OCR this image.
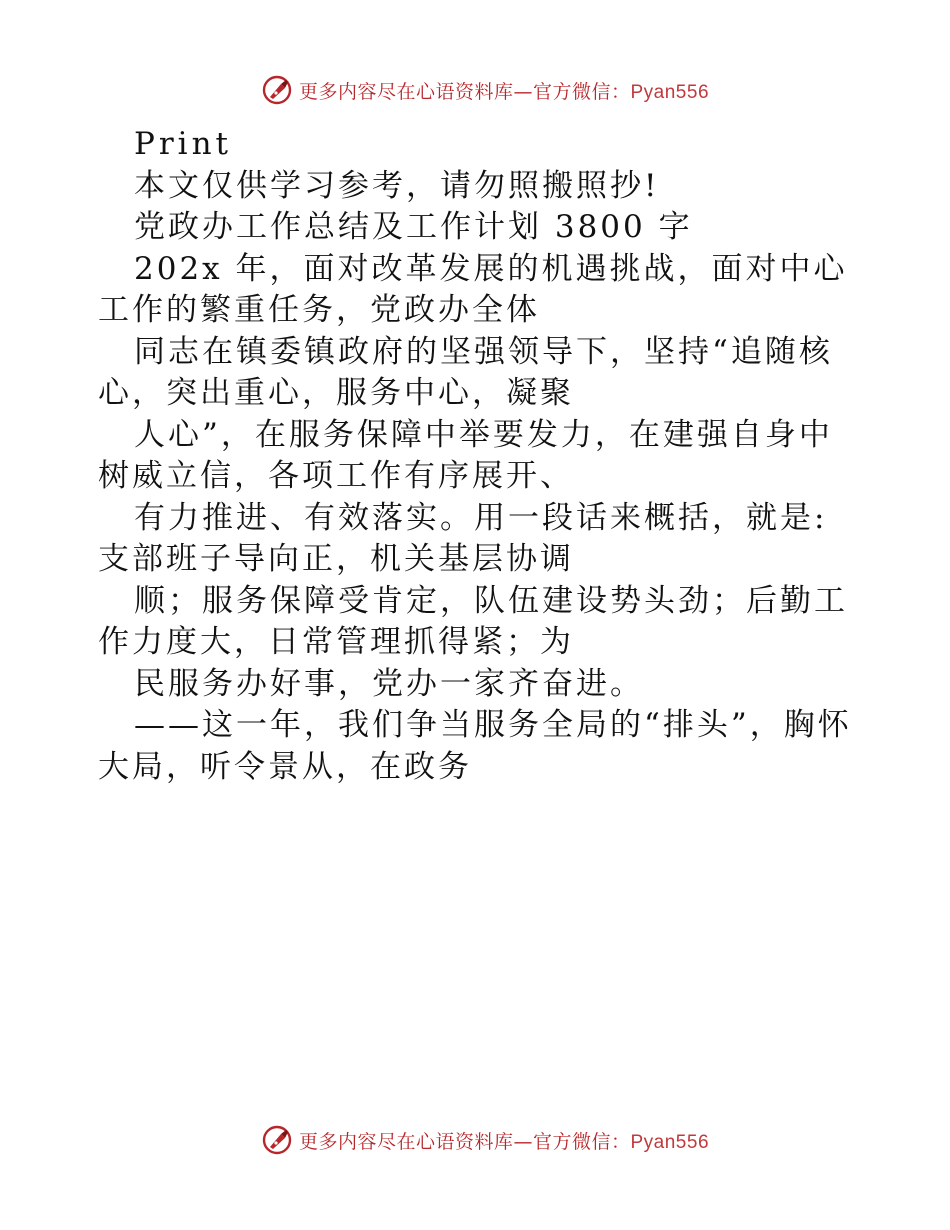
更多内容尽在心语资料库—官方微信：Pyan556

Print

本文仅供学习参考，请勿照搬照抄!

党政办工作总结及工作计划 3800 字

202x 年，面对改革发展的机遇挑战，面对中心工作的繁重任务，党政办全体

同志在镇委镇政府的坚强领导下，坚持“追随核心，突出重心，服务中心，凝聚

人心”，在服务保障中举要发力，在建强自身中树威立信，各项工作有序展开、

有力推进、有效落实。用一段话来概括，就是:支部班子导向正，机关基层协调

顺；服务保障受肯定，队伍建设势头劲；后勤工作力度大，日常管理抓得紧；为

民服务办好事，党办一家齐奋进。

——这一年，我们争当服务全局的“排头”，胸怀大局，听令景从，在政务

更多内容尽在心语资料库—官方微信：Pyan556
